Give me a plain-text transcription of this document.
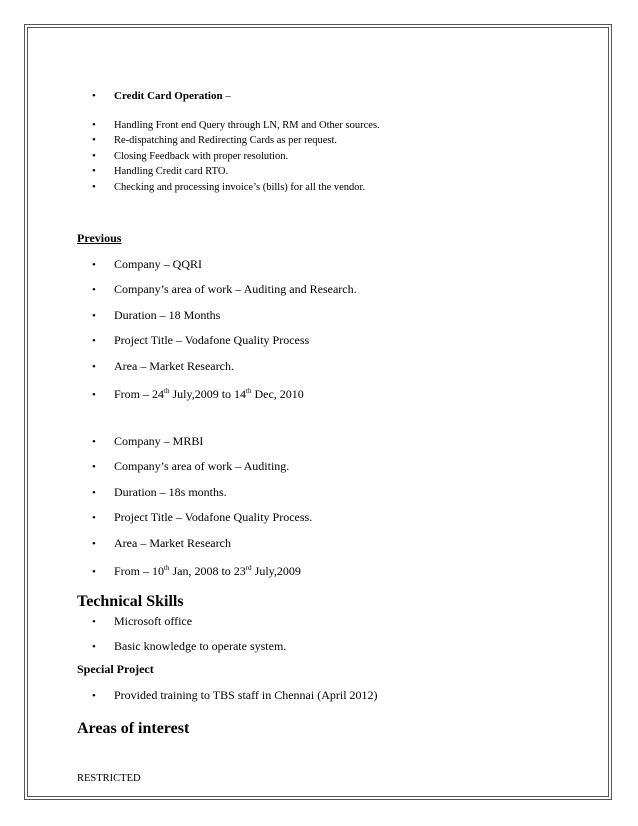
• Credit Card Operation –
• Handling Front end Query through LN, RM and Other sources.
• Re-dispatching and Redirecting Cards as per request.
• Closing Feedback with proper resolution.
• Handling Credit card RTO.
• Checking and processing invoice’s (bills) for all the vendor.
Previous
• Company – QQRI
• Company’s area of work – Auditing and Research.
• Duration – 18 Months
• Project Title – Vodafone Quality Process
• Area – Market Research.
• From – 24th July,2009 to 14th Dec, 2010
• Company – MRBI
• Company’s area of work – Auditing.
• Duration – 18s months.
• Project Title – Vodafone Quality Process.
• Area – Market Research
• From – 10th Jan, 2008 to 23rd July,2009
Technical Skills
• Microsoft office
• Basic knowledge to operate system.
Special Project
• Provided training to TBS staff in Chennai (April 2012)
Areas of interest
RESTRICTED
